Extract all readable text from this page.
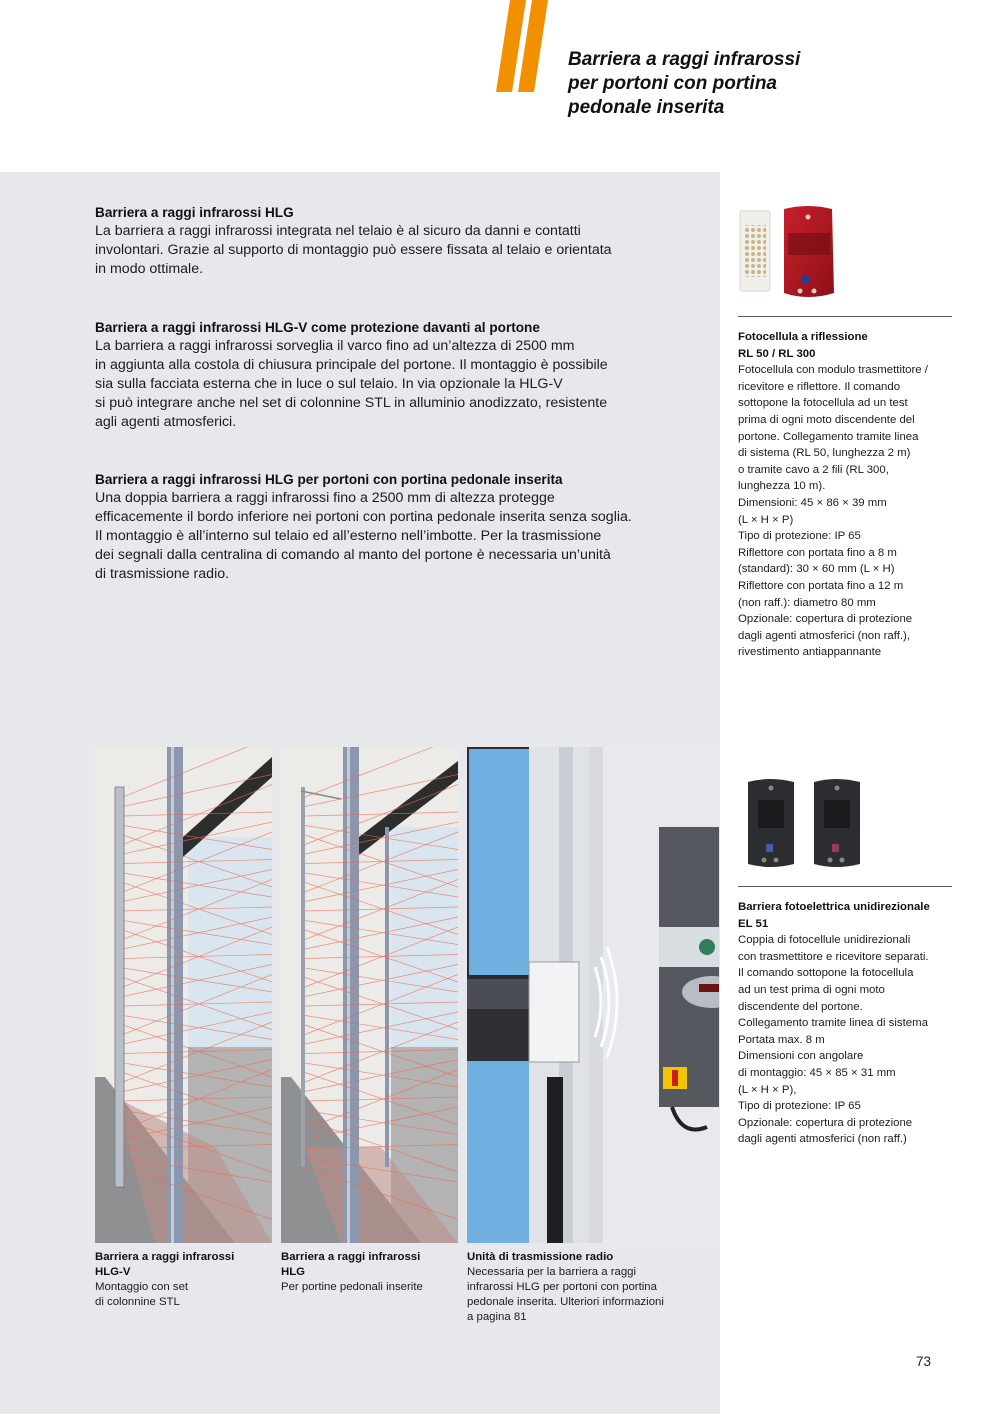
Barriera a raggi infrarossi
per portoni con portina
pedonale inserita
Barriera a raggi infrarossi HLG

La barriera a raggi infrarossi integrata nel telaio è al sicuro da danni e contatti
involontari. Grazie al supporto di montaggio può essere fissata al telaio e orientata
in modo ottimale.

Barriera a raggi infrarossi HLG-V come protezione davanti al portone

La barriera a raggi infrarossi sorveglia il varco fino ad un’altezza di 2500 mm
in aggiunta alla costola di chiusura principale del portone. Il montaggio è possibile
sia sulla facciata esterna che in luce o sul telaio. In via opzionale la HLG-V
si può integrare anche nel set di colonnine STL in alluminio anodizzato, resistente
agli agenti atmosferici.

Barriera a raggi infrarossi HLG per portoni con portina pedonale inserita

Una doppia barriera a raggi infrarossi fino a 2500 mm di altezza protegge
efficacemente il bordo inferiore nei portoni con portina pedonale inserita senza soglia.
Il montaggio è all’interno sul telaio ed all’esterno nell’imbotte. Per la trasmissione
dei segnali dalla centralina di comando al manto del portone è necessaria un’unità
di trasmissione radio.

Fotocellula a riflessione
RL 50 / RL 300

Fotocellula con modulo trasmettitore /
ricevitore e riflettore. Il comando
sottopone la fotocellula ad un test
prima di ogni moto discendente del
portone. Collegamento tramite linea
di sistema (RL 50, lunghezza 2 m)
o tramite cavo a 2 fili (RL 300,
lunghezza 10 m).
Dimensioni: 45 × 86 × 39 mm
(L × H × P)
Tipo di protezione: IP 65
Riflettore con portata fino a 8 m
(standard): 30 × 60 mm (L × H)
Riflettore con portata fino a 12 m
(non raff.): diametro 80 mm
Opzionale: copertura di protezione
dagli agenti atmosferici (non raff.),
rivestimento antiappannante

Barriera fotoelettrica unidirezionale
EL 51

Coppia di fotocellule unidirezionali
con trasmettitore e ricevitore separati.
Il comando sottopone la fotocellula
ad un test prima di ogni moto
discendente del portone.
Collegamento tramite linea di sistema
Portata max. 8 m
Dimensioni con angolare
di montaggio: 45 × 85 × 31 mm
(L × H × P),
Tipo di protezione: IP 65
Opzionale: copertura di protezione
dagli agenti atmosferici (non raff.)

Barriera a raggi infrarossi
HLG-V

Montaggio con set
di colonnine STL

Barriera a raggi infrarossi
HLG

Per portine pedonali inserite

Unità di trasmissione radio

Necessaria per la barriera a raggi
infrarossi HLG per portoni con portina
pedonale inserita. Ulteriori informazioni
a pagina 81

73
